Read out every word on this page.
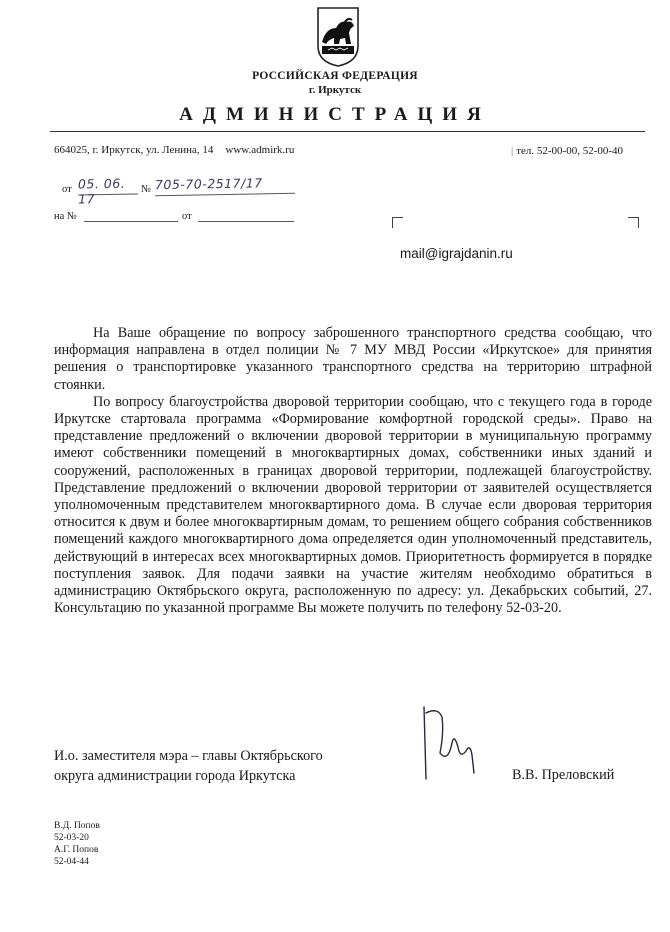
РОССИЙСКАЯ ФЕДЕРАЦИЯ
г. Иркутск
АДМИНИСТРАЦИЯ
664025, г. Иркутск, ул. Ленина, 14 www.admirk.ru	| тел. 52-00-00, 52-00-40
от 05. 06. 17
№ 705-70-2517/17
на №	от
mail@igrajdanin.ru

На Ваше обращение по вопросу заброшенного транспортного средства сообщаю, что информация направлена в отдел полиции № 7 МУ МВД России «Иркутское» для принятия решения о транспортировке указанного транспортного средства на территорию штрафной стоянки.

По вопросу благоустройства дворовой территории сообщаю, что с текущего года в городе Иркутске стартовала программа «Формирование комфортной городской среды». Право на представление предложений о включении дворовой территории в муниципальную программу имеют собственники помещений в многоквартирных домах, собственники иных зданий и сооружений, расположенных в границах дворовой территории, подлежащей благоустройству. Представление предложений о включении дворовой территории от заявителей осуществляется уполномоченным представителем многоквартирного дома. В случае если дворовая территория относится к двум и более многоквартирным домам, то решением общего собрания собственников помещений каждого многоквартирного дома определяется один уполномоченный представитель, действующий в интересах всех многоквартирных домов. Приоритетность формируется в порядке поступления заявок. Для подачи заявки на участие жителям необходимо обратиться в администрацию Октябрьского округа, расположенную по адресу: ул. Декабрьских событий, 27. Консультацию по указанной программе Вы можете получить по телефону 52-03-20.

И.о. заместителя мэра – главы Октябрьского
округа администрации города Иркутска	В.В. Преловский
В.Д. Попов
52-03-20
А.Г. Попов
52-04-44
